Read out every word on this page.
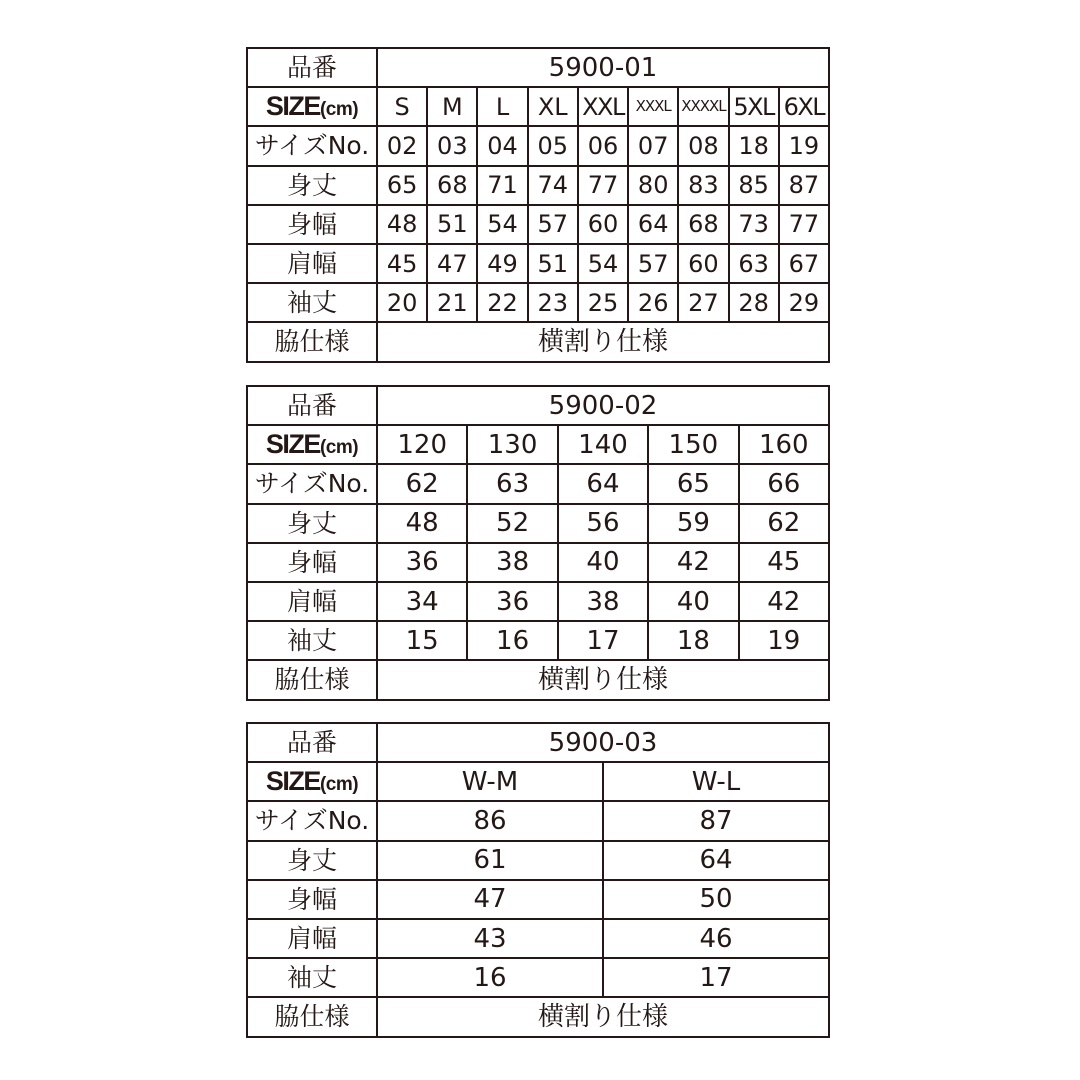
品番	5900-01								
SIZE(cm)	S	M	L	XL	XXL	XXXL	XXXXL	5XL	6XL
サイズNo.	02	03	04	05	06	07	08	18	19
身丈	65	68	71	74	77	80	83	85	87
身幅	48	51	54	57	60	64	68	73	77
肩幅	45	47	49	51	54	57	60	63	67
袖丈	20	21	22	23	25	26	27	28	29
脇仕様	横割り仕様								
品番	5900-02				
SIZE(cm)	120	130	140	150	160
サイズNo.	62	63	64	65	66
身丈	48	52	56	59	62
身幅	36	38	40	42	45
肩幅	34	36	38	40	42
袖丈	15	16	17	18	19
脇仕様	横割り仕様				
品番	5900-03	
SIZE(cm)	W-M	W-L
サイズNo.	86	87
身丈	61	64
身幅	47	50
肩幅	43	46
袖丈	16	17
脇仕様	横割り仕様	
